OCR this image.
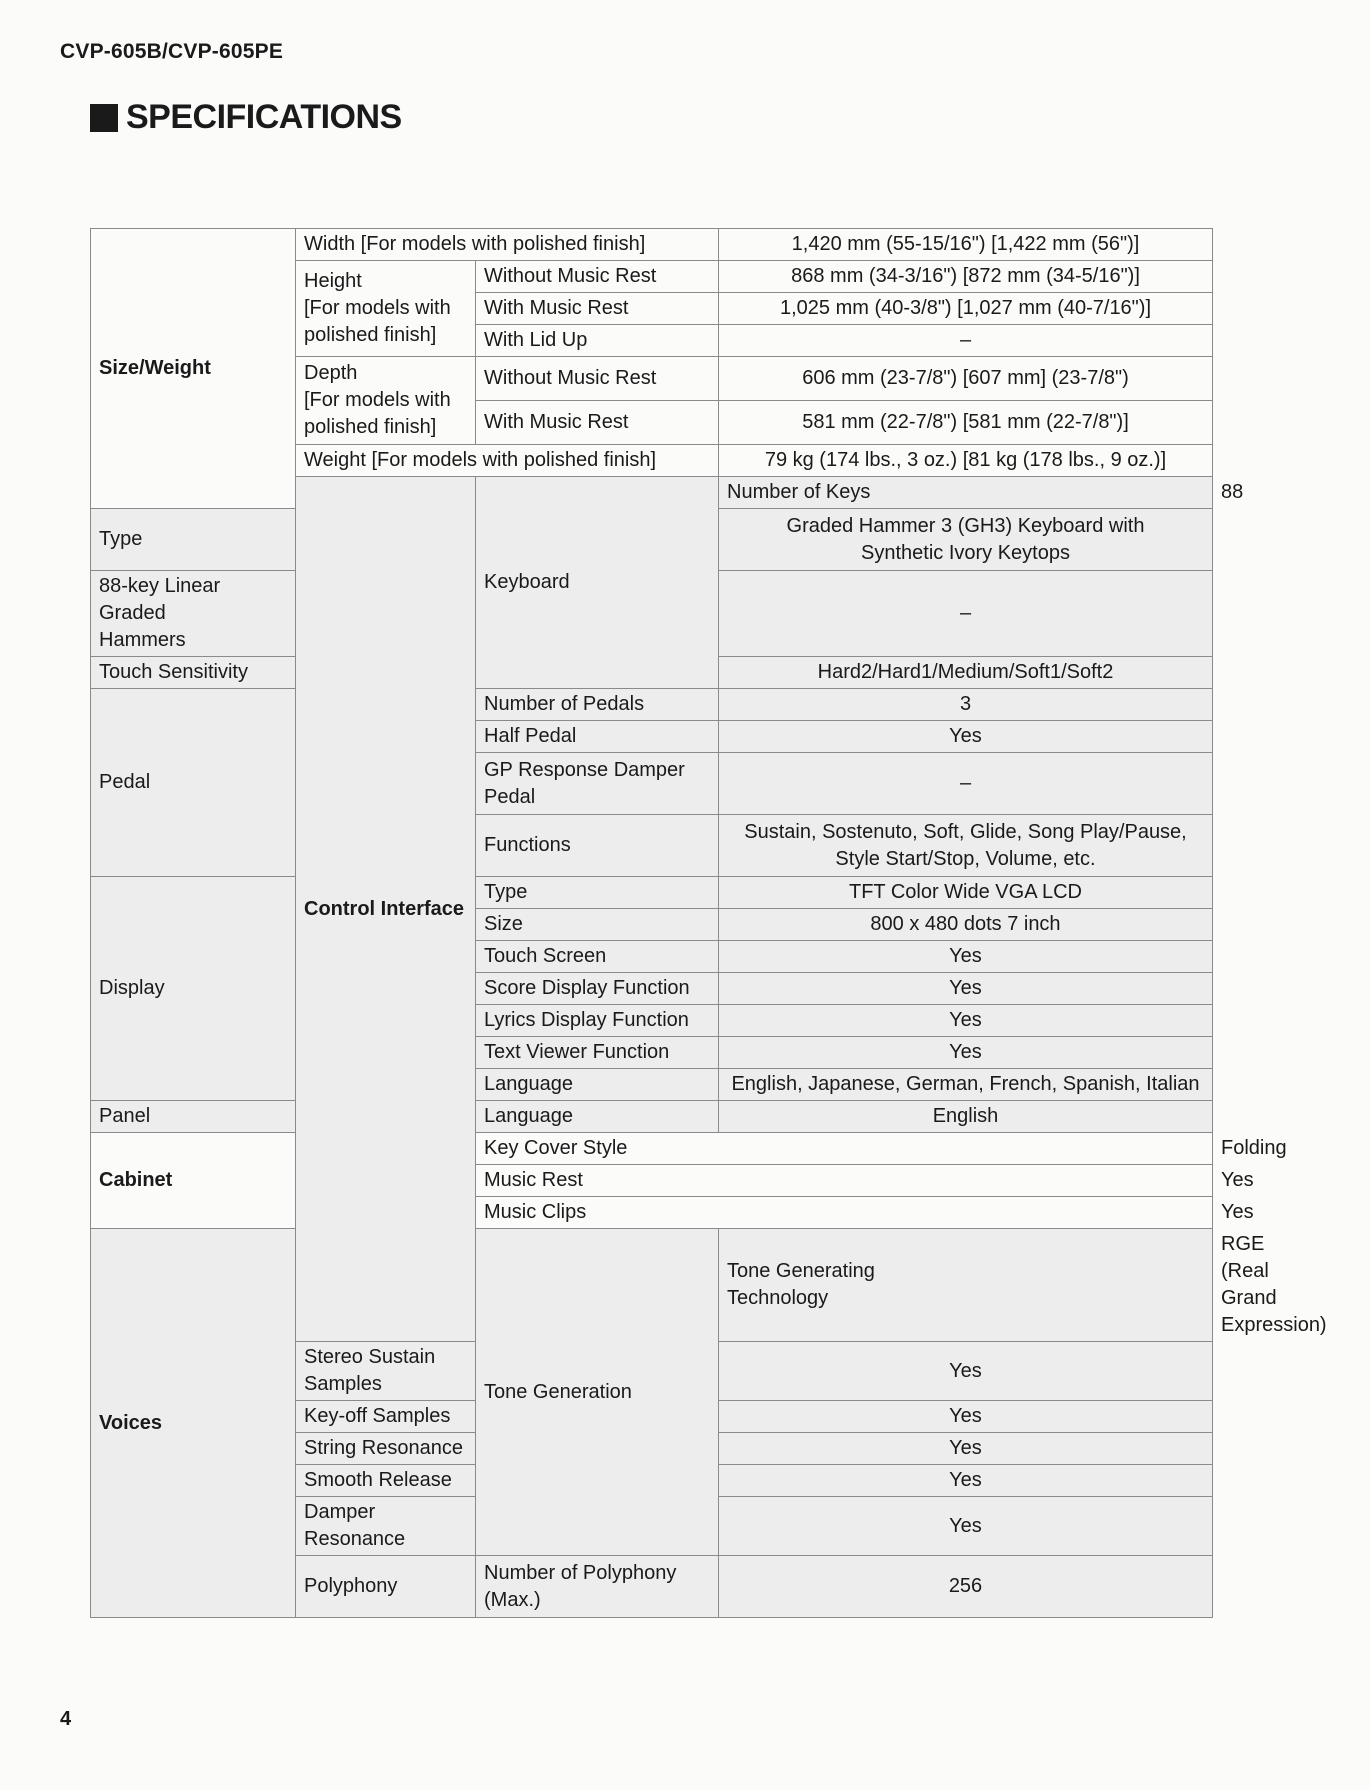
CVP-605B/CVP-605PE
SPECIFICATIONS
Size/Weight	Width [For models with polished finish]		1,420 mm (55-15/16") [1,422 mm (56")]	

	Height
[For models with
polished finish]	Without Music Rest	868 mm (34-3/16") [872 mm (34-5/16")]	
		With Music Rest	1,025 mm (40-3/8") [1,027 mm (40-7/16")]	
		With Lid Up	–	

	Depth
[For models with
polished finish]	Without Music Rest	606 mm (23-7/8") [607 mm] (23-7/8")	
		With Music Rest	581 mm (22-7/8") [581 mm (22-7/8")]	
	Weight [For models with polished finish]		79 kg (174 lbs., 3 oz.) [81 kg (178 lbs., 9 oz.)]	
	Control Interface	Keyboard	Number of Keys	88
Type			Graded Hammer 3 (GH3) Keyboard with
Synthetic Ivory Keytops	

88-key Linear Graded
Hammers			–	
Touch Sensitivity			Hard2/Hard1/Medium/Soft1/Soft2	
Pedal		Number of Pedals	3	
		Half Pedal	Yes	

		GP Response Damper
Pedal	–	
		Functions	Sustain, Sostenuto, Soft, Glide, Song Play/Pause,
Style Start/Stop, Volume, etc.	

Display		Type	TFT Color Wide VGA LCD	
		Size	800 x 480 dots 7 inch	
		Touch Screen	Yes	
		Score Display Function	Yes	
		Lyrics Display Function	Yes	
		Text Viewer Function	Yes	
		Language	English, Japanese, German, French, Spanish, Italian	
Panel		Language	English	
Cabinet		Key Cover Style		Folding
		Music Rest		Yes
		Music Clips		Yes
Voices		Tone Generation	Tone Generating
Technology	RGE (Real Grand Expression)
	Stereo Sustain Samples		Yes	
	Key-off Samples		Yes	
	String Resonance		Yes	
	Smooth Release		Yes	
	Damper Resonance		Yes	
	Polyphony	Number of Polyphony
(Max.)	256	
4
